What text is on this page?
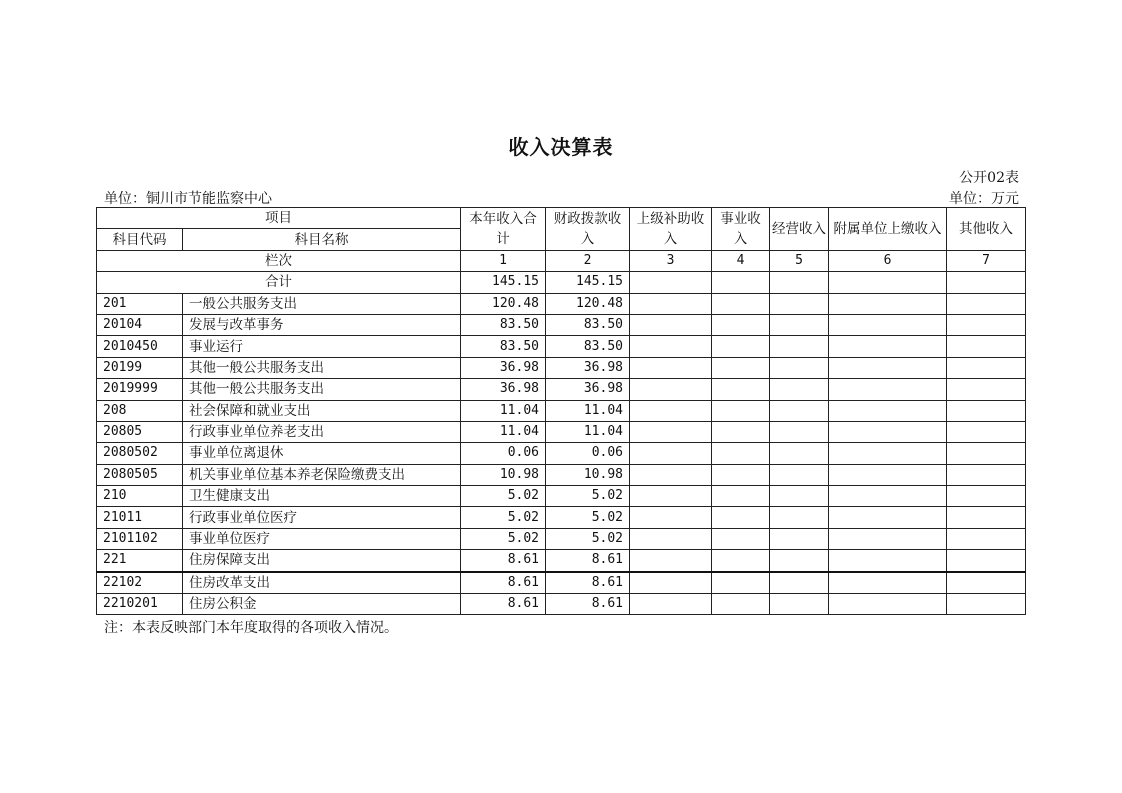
收入决算表
公开02表
单位：铜川市节能监察中心	单位：万元
项目		本年收入合计	财政拨款收入	上级补助收入	事业收入	经营收入	附属单位上缴收入	其他收入
科目代码	科目名称							
栏次		1	2	3	4	5	6	7
合计		145.15	145.15					
201	一般公共服务支出	120.48	120.48					
20104	发展与改革事务	83.50	83.50					
2010450	事业运行	83.50	83.50					
20199	其他一般公共服务支出	36.98	36.98					
2019999	其他一般公共服务支出	36.98	36.98					
208	社会保障和就业支出	11.04	11.04					
20805	行政事业单位养老支出	11.04	11.04					
2080502	事业单位离退休	0.06	0.06					
2080505	机关事业单位基本养老保险缴费支出	10.98	10.98					
210	卫生健康支出	5.02	5.02					
21011	行政事业单位医疗	5.02	5.02					
2101102	事业单位医疗	5.02	5.02					
221	住房保障支出	8.61	8.61					
22102	住房改革支出	8.61	8.61					
2210201	住房公积金	8.61	8.61					
注：本表反映部门本年度取得的各项收入情况。
